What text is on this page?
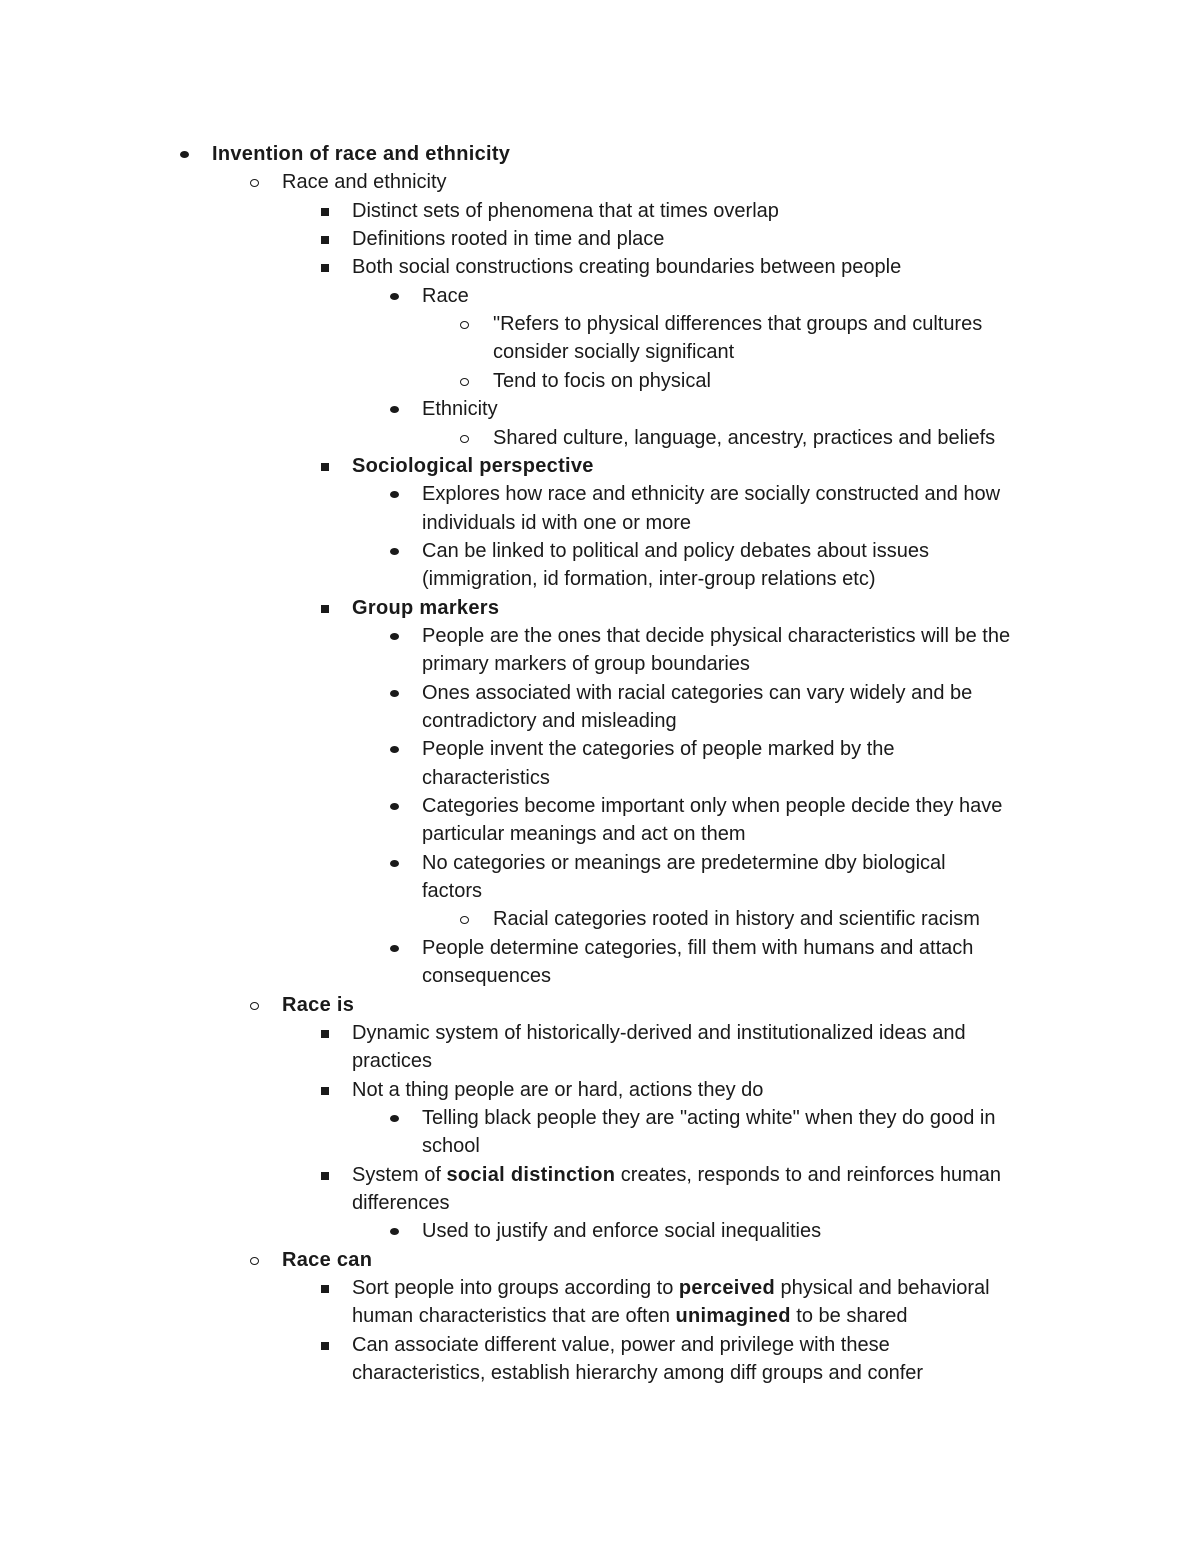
Invention of race and ethnicity
Race and ethnicity
Distinct sets of phenomena that at times overlap
Definitions rooted in time and place
Both social constructions creating boundaries between people
Race
"Refers to physical differences that groups and cultures
consider socially significant
Tend to focis on physical
Ethnicity
Shared culture, language, ancestry, practices and beliefs
Sociological perspective
Explores how race and ethnicity are socially constructed and how
individuals id with one or more
Can be linked to political and policy debates about issues
(immigration, id formation, inter-group relations etc)
Group markers
People are the ones that decide physical characteristics will be the
primary markers of group boundaries
Ones associated with racial categories can vary widely and be
contradictory and misleading
People invent the categories of people marked by the
characteristics
Categories become important only when people decide they have
particular meanings and act on them
No categories or meanings are predetermine dby biological
factors
Racial categories rooted in history and scientific racism
People determine categories, fill them with humans and attach
consequences
Race is
Dynamic system of historically-derived and institutionalized ideas and
practices
Not a thing people are or hard, actions they do
Telling black people they are "acting white" when they do good in
school
System of social distinction creates, responds to and reinforces human
differences
Used to justify and enforce social inequalities
Race can
Sort people into groups according to perceived physical and behavioral
human characteristics that are often unimagined to be shared
Can associate different value, power and privilege with these
characteristics, establish hierarchy among diff groups and confer
